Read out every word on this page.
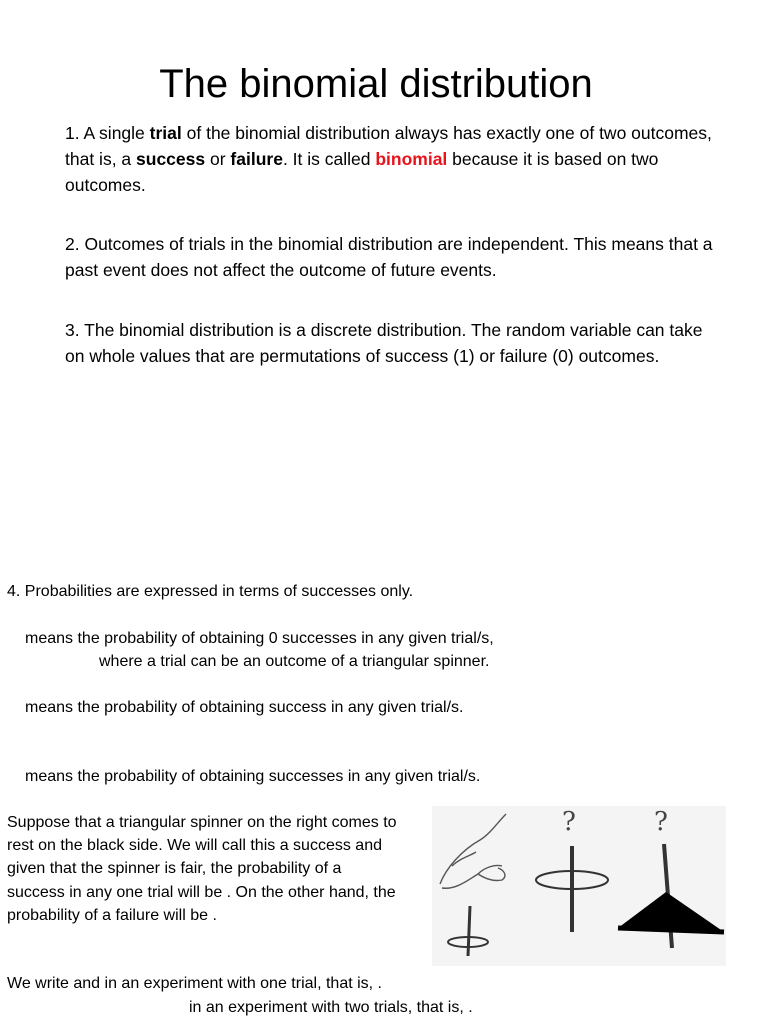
The binomial distribution

1. A single trial of the binomial distribution always has exactly one of two outcomes, that is, a success or failure. It is called binomial because it is based on two outcomes.

2. Outcomes of trials in the binomial distribution are independent. This means that a past event does not affect the outcome of future events.

3. The binomial distribution is a discrete distribution. The random variable can take on whole values that are permutations of success (1) or failure (0) outcomes.

4. Probabilities are expressed in terms of successes only.

means the probability of obtaining 0 successes in any given trial/s,

where a trial can be an outcome of a triangular spinner.

means the probability of obtaining success in any given trial/s.

means the probability of obtaining successes in any given trial/s.

Suppose that a triangular spinner on the right comes to rest on the black side. We will call this a success and given that the spinner is fair, the probability of a success in any one trial will be . On the other hand, the probability of a failure will be .

?	?

We write and in an experiment with one trial, that is, .

in an experiment with two trials, that is, .
